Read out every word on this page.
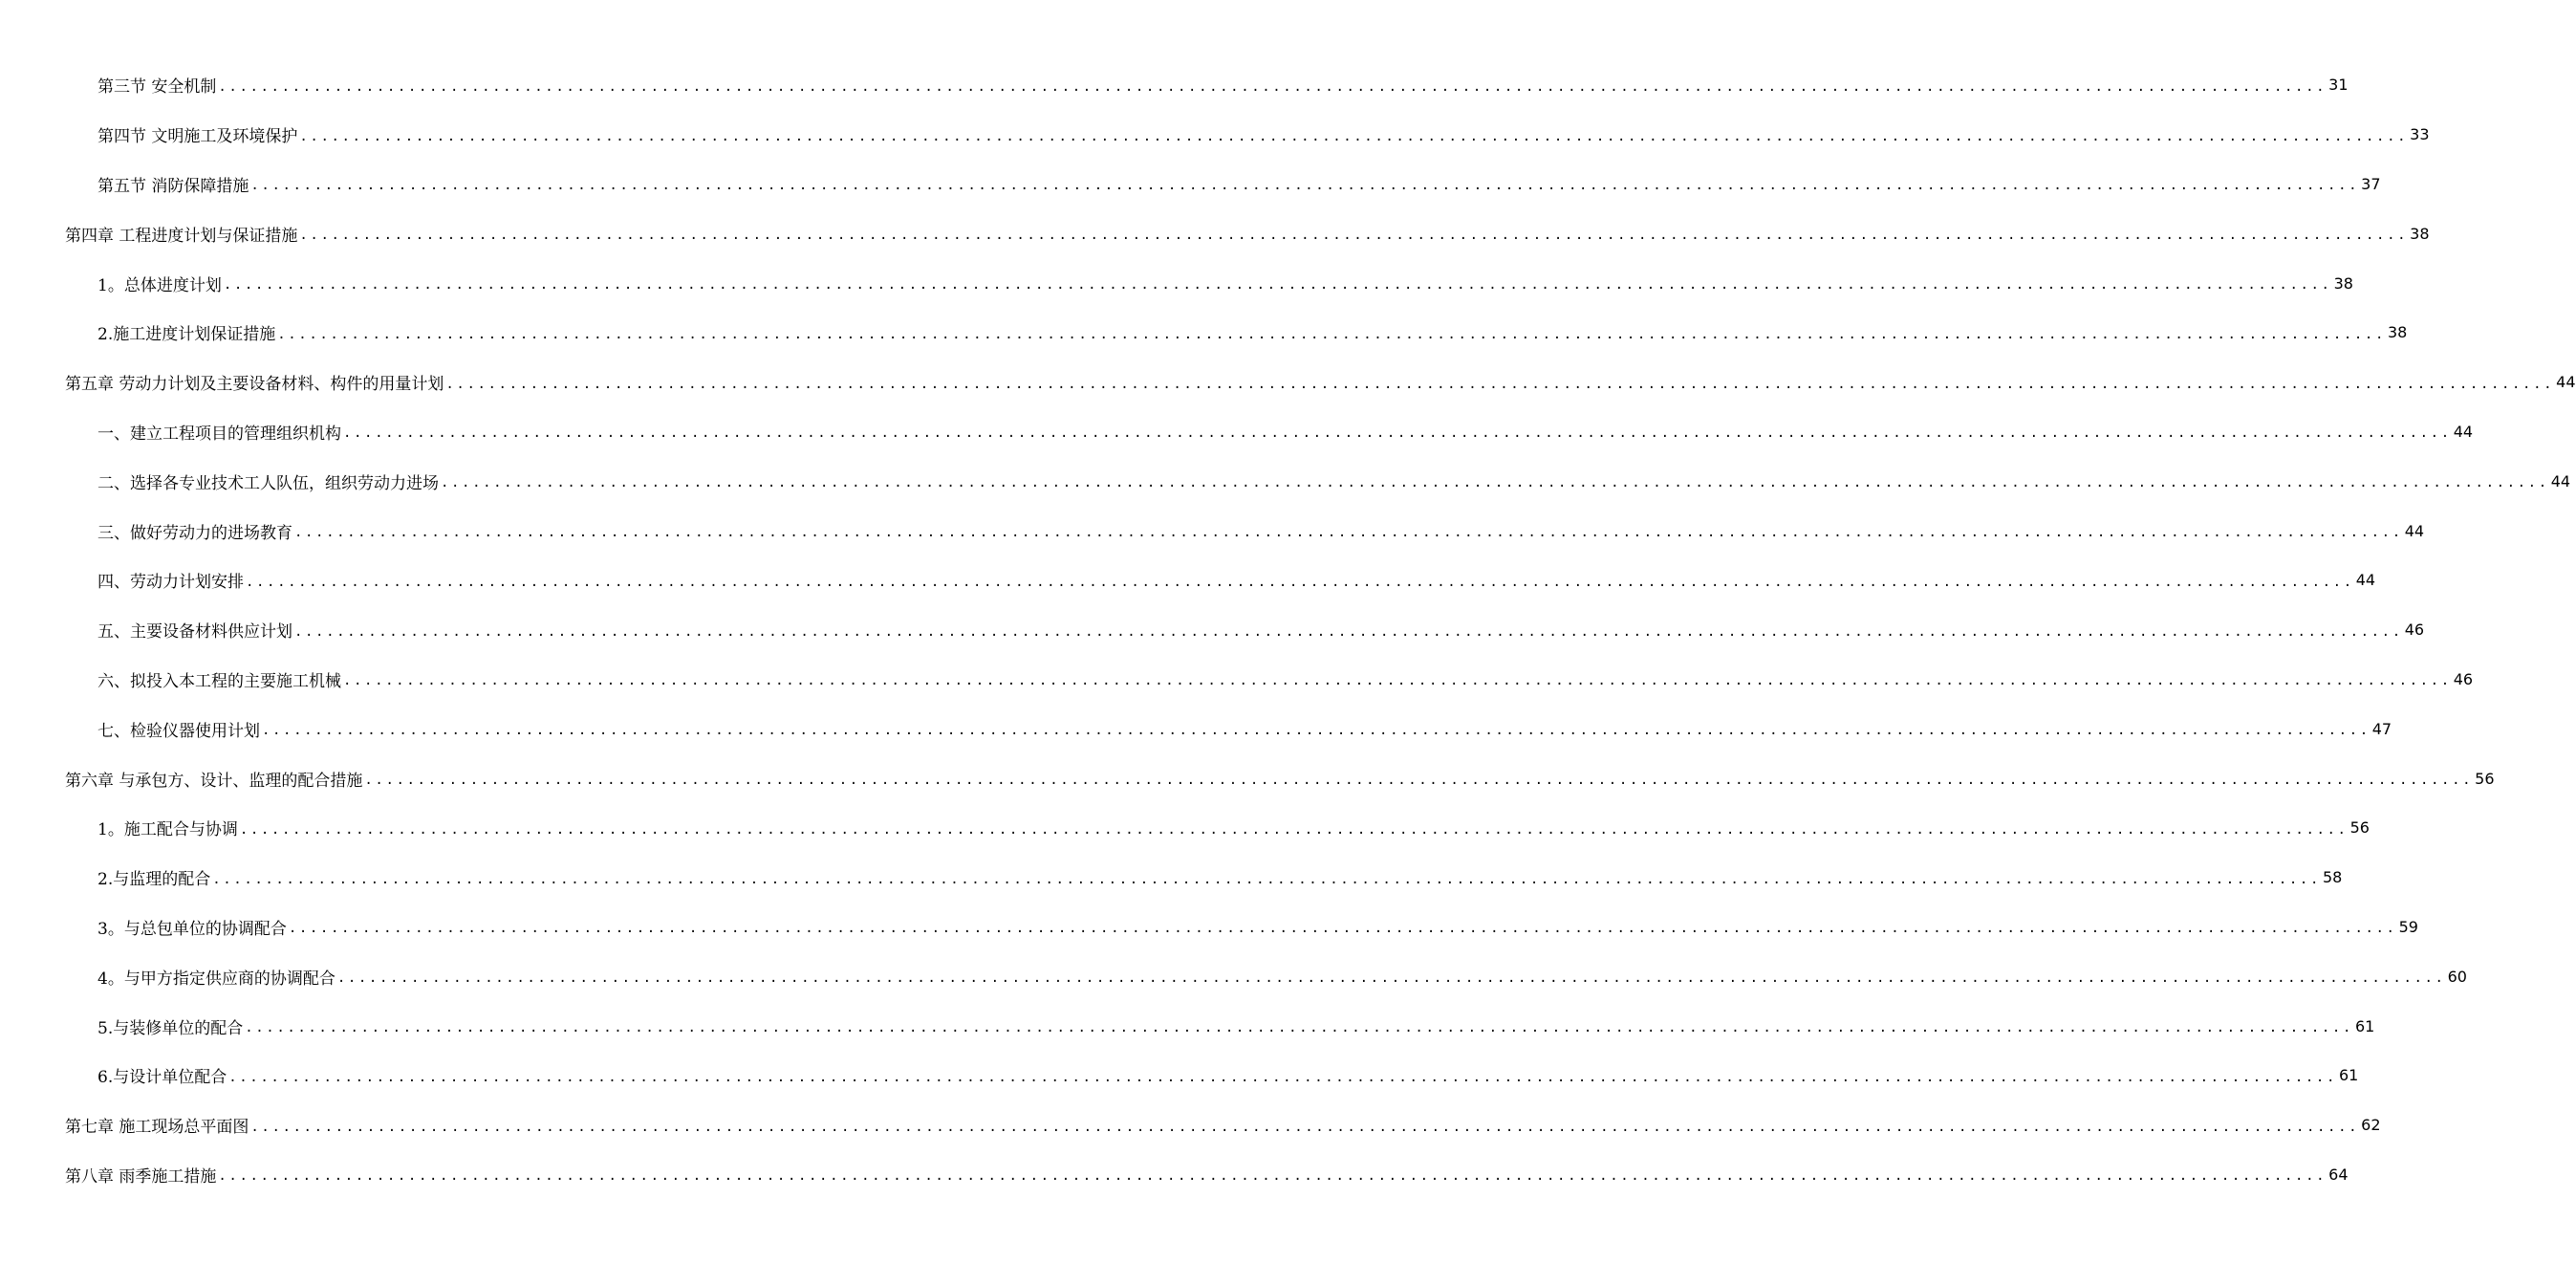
第三节 安全机制 ........................................................................................................................................................................................................ 31
第四节 文明施工及环境保护 ........................................................................................................................................................................................................ 33
第五节 消防保障措施 ........................................................................................................................................................................................................ 37
第四章 工程进度计划与保证措施 ........................................................................................................................................................................................................ 38
1。总体进度计划 ........................................................................................................................................................................................................ 38
2.施工进度计划保证措施 ........................................................................................................................................................................................................ 38
第五章 劳动力计划及主要设备材料、构件的用量计划 ........................................................................................................................................................................................................ 44
一、建立工程项目的管理组织机构 ........................................................................................................................................................................................................ 44
二、选择各专业技术工人队伍，组织劳动力进场 ........................................................................................................................................................................................................ 44
三、做好劳动力的进场教育 ........................................................................................................................................................................................................ 44
四、劳动力计划安排 ........................................................................................................................................................................................................ 44
五、主要设备材料供应计划 ........................................................................................................................................................................................................ 46
六、拟投入本工程的主要施工机械 ........................................................................................................................................................................................................ 46
七、检验仪器使用计划 ........................................................................................................................................................................................................ 47
第六章 与承包方、设计、监理的配合措施 ........................................................................................................................................................................................................ 56
1。施工配合与协调 ........................................................................................................................................................................................................ 56
2.与监理的配合 ........................................................................................................................................................................................................ 58
3。与总包单位的协调配合 ........................................................................................................................................................................................................ 59
4。与甲方指定供应商的协调配合 ........................................................................................................................................................................................................ 60
5.与装修单位的配合 ........................................................................................................................................................................................................ 61
6.与设计单位配合 ........................................................................................................................................................................................................ 61
第七章 施工现场总平面图 ........................................................................................................................................................................................................ 62
第八章 雨季施工措施 ........................................................................................................................................................................................................ 64
